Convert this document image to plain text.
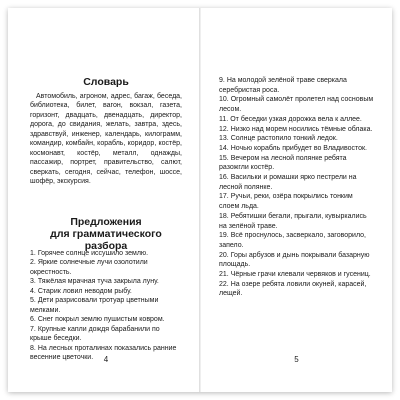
Словарь

Автомобиль, агроном, адрес, багаж, беседа, библиотека, билет, вагон, вокзал, газета, горизонт, двадцать, двенадцать, директор, дорога, до свидания, желать, завтра, здесь, здравствуй, инженер, календарь, килограмм, командир, комбайн, корабль, коридор, костёр, космонавт, костёр, металл, однажды, пассажир, портрет, правительство, салют, сверкать, сегодня, сейчас, телефон, шоссе, шофёр, экскурсия.

Предложения
для грамматического разбора
1. Горячее солнце иссушило землю.
2. Яркие солнечные лучи озолотили окрестность.
3. Тяжёлая мрачная туча закрыла луну.
4. Старик ловил неводом рыбу.
5. Дети разрисовали тротуар цветными мелками.
6. Снег покрыл землю пушистым ковром.
7. Крупные капли дождя барабанили по крыше беседки.
8. На лесных проталинах показались ранние весенние цветочки.	4
9. На молодой зелёной траве сверкала серебристая роса.
10. Огромный самолёт пролетел над сосновым лесом.
11. От беседки узкая дорожка вела к аллее.
12. Низко над морем носились тёмные облака.
13. Солнце растопило тонкий ледок.
14. Ночью корабль прибудет во Владивосток.
15. Вечером на лесной полянке ребята разожгли костёр.
16. Васильки и ромашки ярко пестрели на лесной полянке.
17. Ручьи, реки, озёра покрылись тонким слоем льда.
18. Ребятишки бегали, прыгали, кувыркались на зелёной траве.
19. Всё проснулось, засверкало, заговорило, запело.
20. Горы арбузов и дынь покрывали базарную площадь.
21. Чёрные грачи клевали червяков и гусениц.
22. На озере ребята ловили окуней, карасей, лещей.
5
